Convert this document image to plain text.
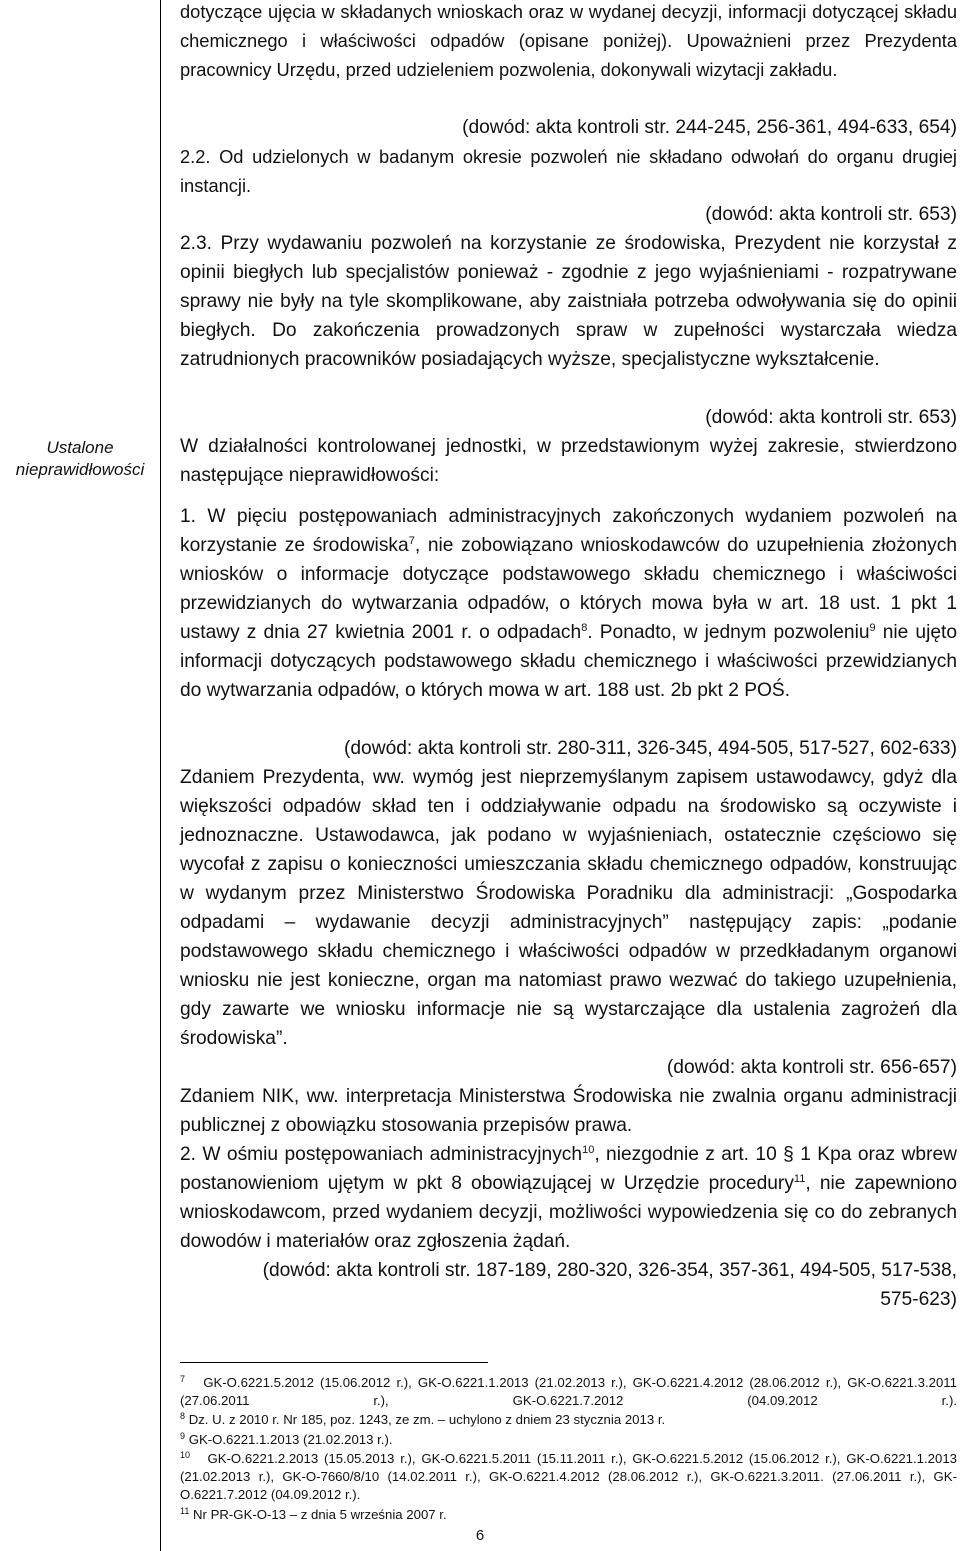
Ustalone
nieprawidłowości

dotyczące ujęcia w składanych wnioskach oraz w wydanej decyzji, informacji dotyczącej składu chemicznego i właściwości odpadów (opisane poniżej). Upoważnieni przez Prezydenta pracownicy Urzędu, przed udzieleniem pozwolenia, dokonywali wizytacji zakładu.

(dowód: akta kontroli str. 244-245, 256-361, 494-633, 654)

2.2. Od udzielonych w badanym okresie pozwoleń nie składano odwołań do organu drugiej instancji.

(dowód: akta kontroli str. 653)

2.3. Przy wydawaniu pozwoleń na korzystanie ze środowiska, Prezydent nie korzystał z opinii biegłych lub specjalistów ponieważ - zgodnie z jego wyjaśnieniami - rozpatrywane sprawy nie były na tyle skomplikowane, aby zaistniała potrzeba odwoływania się do opinii biegłych. Do zakończenia prowadzonych spraw w zupełności wystarczała wiedza zatrudnionych pracowników posiadających wyższe, specjalistyczne wykształcenie.

(dowód: akta kontroli str. 653)

W działalności kontrolowanej jednostki, w przedstawionym wyżej zakresie, stwierdzono następujące nieprawidłowości:

1. W pięciu postępowaniach administracyjnych zakończonych wydaniem pozwoleń na korzystanie ze środowiska$^7$, nie zobowiązano wnioskodawców do uzupełnienia złożonych wniosków o informacje dotyczące podstawowego składu chemicznego i właściwości przewidzianych do wytwarzania odpadów, o których mowa była w art. 18 ust. 1 pkt 1 ustawy z dnia 27 kwietnia 2001 r. o odpadach$^8$. Ponadto, w jednym pozwoleniu$^9$ nie ujęto informacji dotyczących podstawowego składu chemicznego i właściwości przewidzianych do wytwarzania odpadów, o których mowa w art. 188 ust. 2b pkt 2 POŚ.

(dowód: akta kontroli str. 280-311, 326-345, 494-505, 517-527, 602-633)

Zdaniem Prezydenta, ww. wymóg jest nieprzemyślanym zapisem ustawodawcy, gdyż dla większości odpadów skład ten i oddziaływanie odpadu na środowisko są oczywiste i jednoznaczne. Ustawodawca, jak podano w wyjaśnieniach, ostatecznie częściowo się wycofał z zapisu o konieczności umieszczania składu chemicznego odpadów, konstruując w wydanym przez Ministerstwo Środowiska Poradniku dla administracji: „Gospodarka odpadami – wydawanie decyzji administracyjnych” następujący zapis: „podanie podstawowego składu chemicznego i właściwości odpadów w przedkładanym organowi wniosku nie jest konieczne, organ ma natomiast prawo wezwać do takiego uzupełnienia, gdy zawarte we wniosku informacje nie są wystarczające dla ustalenia zagrożeń dla środowiska”.

(dowód: akta kontroli str. 656-657)

Zdaniem NIK, ww. interpretacja Ministerstwa Środowiska nie zwalnia organu administracji publicznej z obowiązku stosowania przepisów prawa.

2. W ośmiu postępowaniach administracyjnych$^{10}$, niezgodnie z art. 10 § 1 Kpa oraz wbrew postanowieniom ujętym w pkt 8 obowiązującej w Urzędzie procedury$^{11}$, nie zapewniono wnioskodawcom, przed wydaniem decyzji, możliwości wypowiedzenia się co do zebranych dowodów i materiałów oraz zgłoszenia żądań.

(dowód: akta kontroli str. 187-189, 280-320, 326-354, 357-361, 494-505, 517-538,
575-623)

$^7$ GK-O.6221.5.2012 (15.06.2012 r.), GK-O.6221.1.2013 (21.02.2013 r.), GK-O.6221.4.2012 (28.06.2012 r.), GK-O.6221.3.2011 (27.06.2011 r.), GK-O.6221.7.2012 (04.09.2012 r.).

$^8$ Dz. U. z 2010 r. Nr 185, poz. 1243, ze zm. – uchylono z dniem 23 stycznia 2013 r.

$^9$ GK-O.6221.1.2013 (21.02.2013 r.).

$^{10}$ GK-O.6221.2.2013 (15.05.2013 r.), GK-O.6221.5.2011 (15.11.2011 r.), GK-O.6221.5.2012 (15.06.2012 r.), GK-O.6221.1.2013 (21.02.2013 r.), GK-O-7660/8/10 (14.02.2011 r.), GK-O.6221.4.2012 (28.06.2012 r.), GK-O.6221.3.2011. (27.06.2011 r.), GK-O.6221.7.2012 (04.09.2012 r.).

$^{11}$ Nr PR-GK-O-13 – z dnia 5 września 2007 r.

6
